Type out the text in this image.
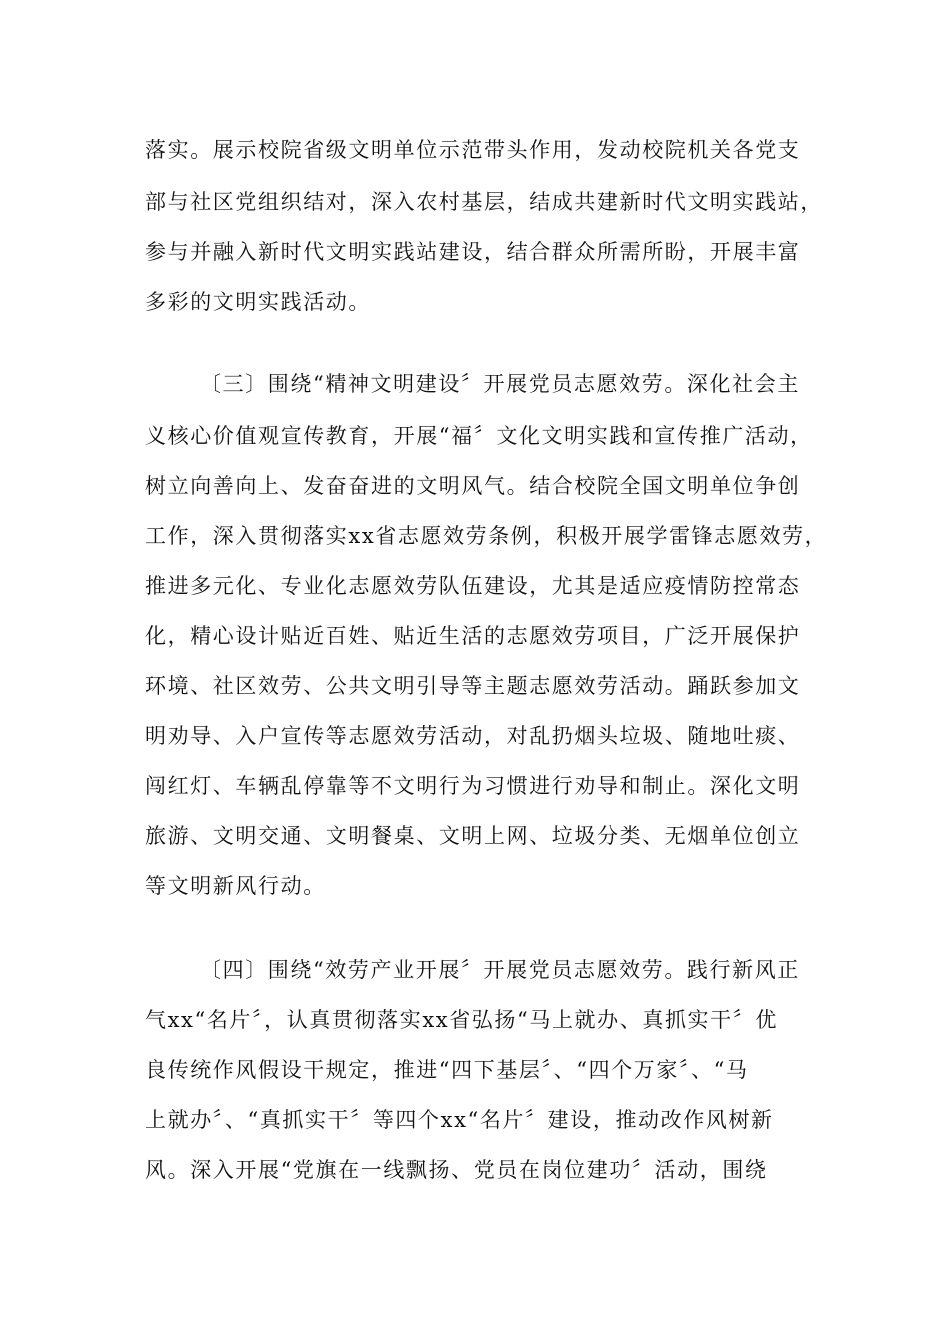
落实。展示校院省级文明单位示范带头作用，发动校院机关各党支
部与社区党组织结对，深入农村基层，结成共建新时代文明实践站，
参与并融入新时代文明实践站建设，结合群众所需所盼，开展丰富
多彩的文明实践活动。
〔三〕围绕“精神文明建设〞开展党员志愿效劳。深化社会主
义核心价值观宣传教育，开展“福〞文化文明实践和宣传推广活动，
树立向善向上、发奋奋进的文明风气。结合校院全国文明单位争创
工作，深入贯彻落实xx省志愿效劳条例，积极开展学雷锋志愿效劳，
推进多元化、专业化志愿效劳队伍建设，尤其是适应疫情防控常态
化，精心设计贴近百姓、贴近生活的志愿效劳项目，广泛开展保护
环境、社区效劳、公共文明引导等主题志愿效劳活动。踊跃参加文
明劝导、入户宣传等志愿效劳活动，对乱扔烟头垃圾、随地吐痰、
闯红灯、车辆乱停靠等不文明行为习惯进行劝导和制止。深化文明
旅游、文明交通、文明餐桌、文明上网、垃圾分类、无烟单位创立
等文明新风行动。
〔四〕围绕“效劳产业开展〞开展党员志愿效劳。践行新风正
气xx“名片〞，认真贯彻落实xx省弘扬“马上就办、真抓实干〞优
良传统作风假设干规定，推进“四下基层〞、“四个万家〞、“马
上就办〞、“真抓实干〞等四个xx“名片〞建设，推动改作风树新
风。深入开展“党旗在一线飘扬、党员在岗位建功〞活动，围绕
